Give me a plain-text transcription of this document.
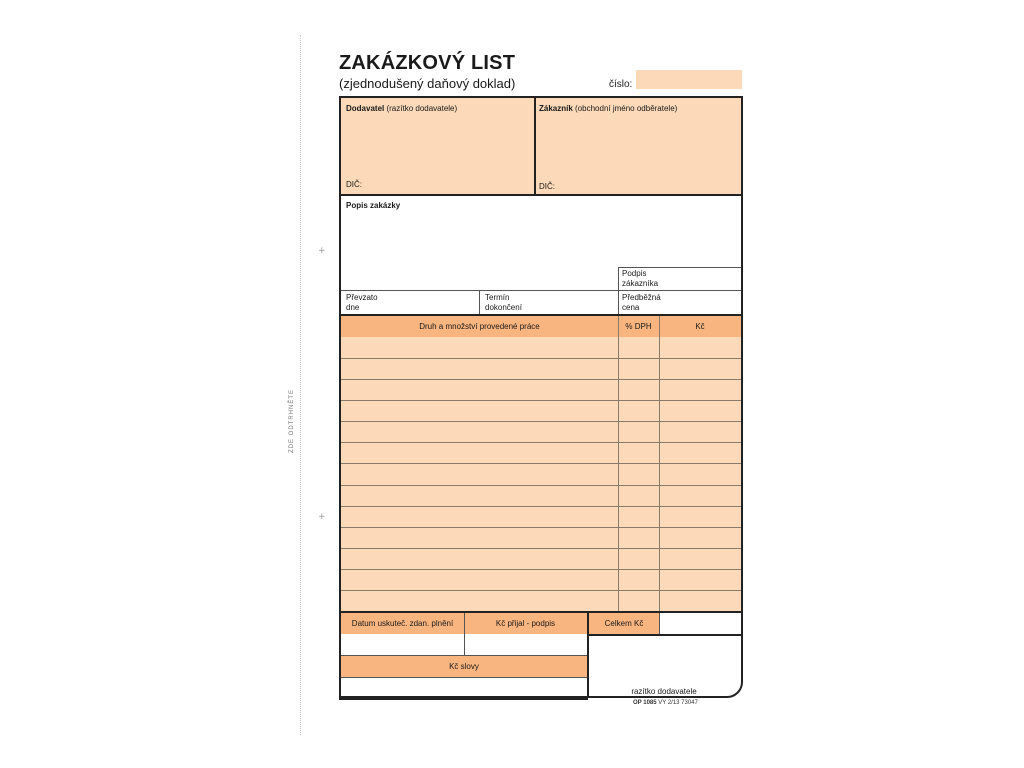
+
+
ZDE ODTRHNĚTE
ZAKÁZKOVÝ LIST
(zjednodušený daňový doklad)	číslo:
Dodavatel (razítko dodavatele)
DIČ:
Zákazník (obchodní jméno odběratele)
DIČ:
Popis zakázky
Podpis
zákazníka
Převzato
dne
Termín
dokončení
Předběžná
cena
Druh a množství provedené práce	% DPH	Kč
Datum uskuteč. zdan. plnění	Kč přijal - podpis	Celkem Kč
Kč slovy
razítko dodavatele
OP 1085 VY 2/13 73047
